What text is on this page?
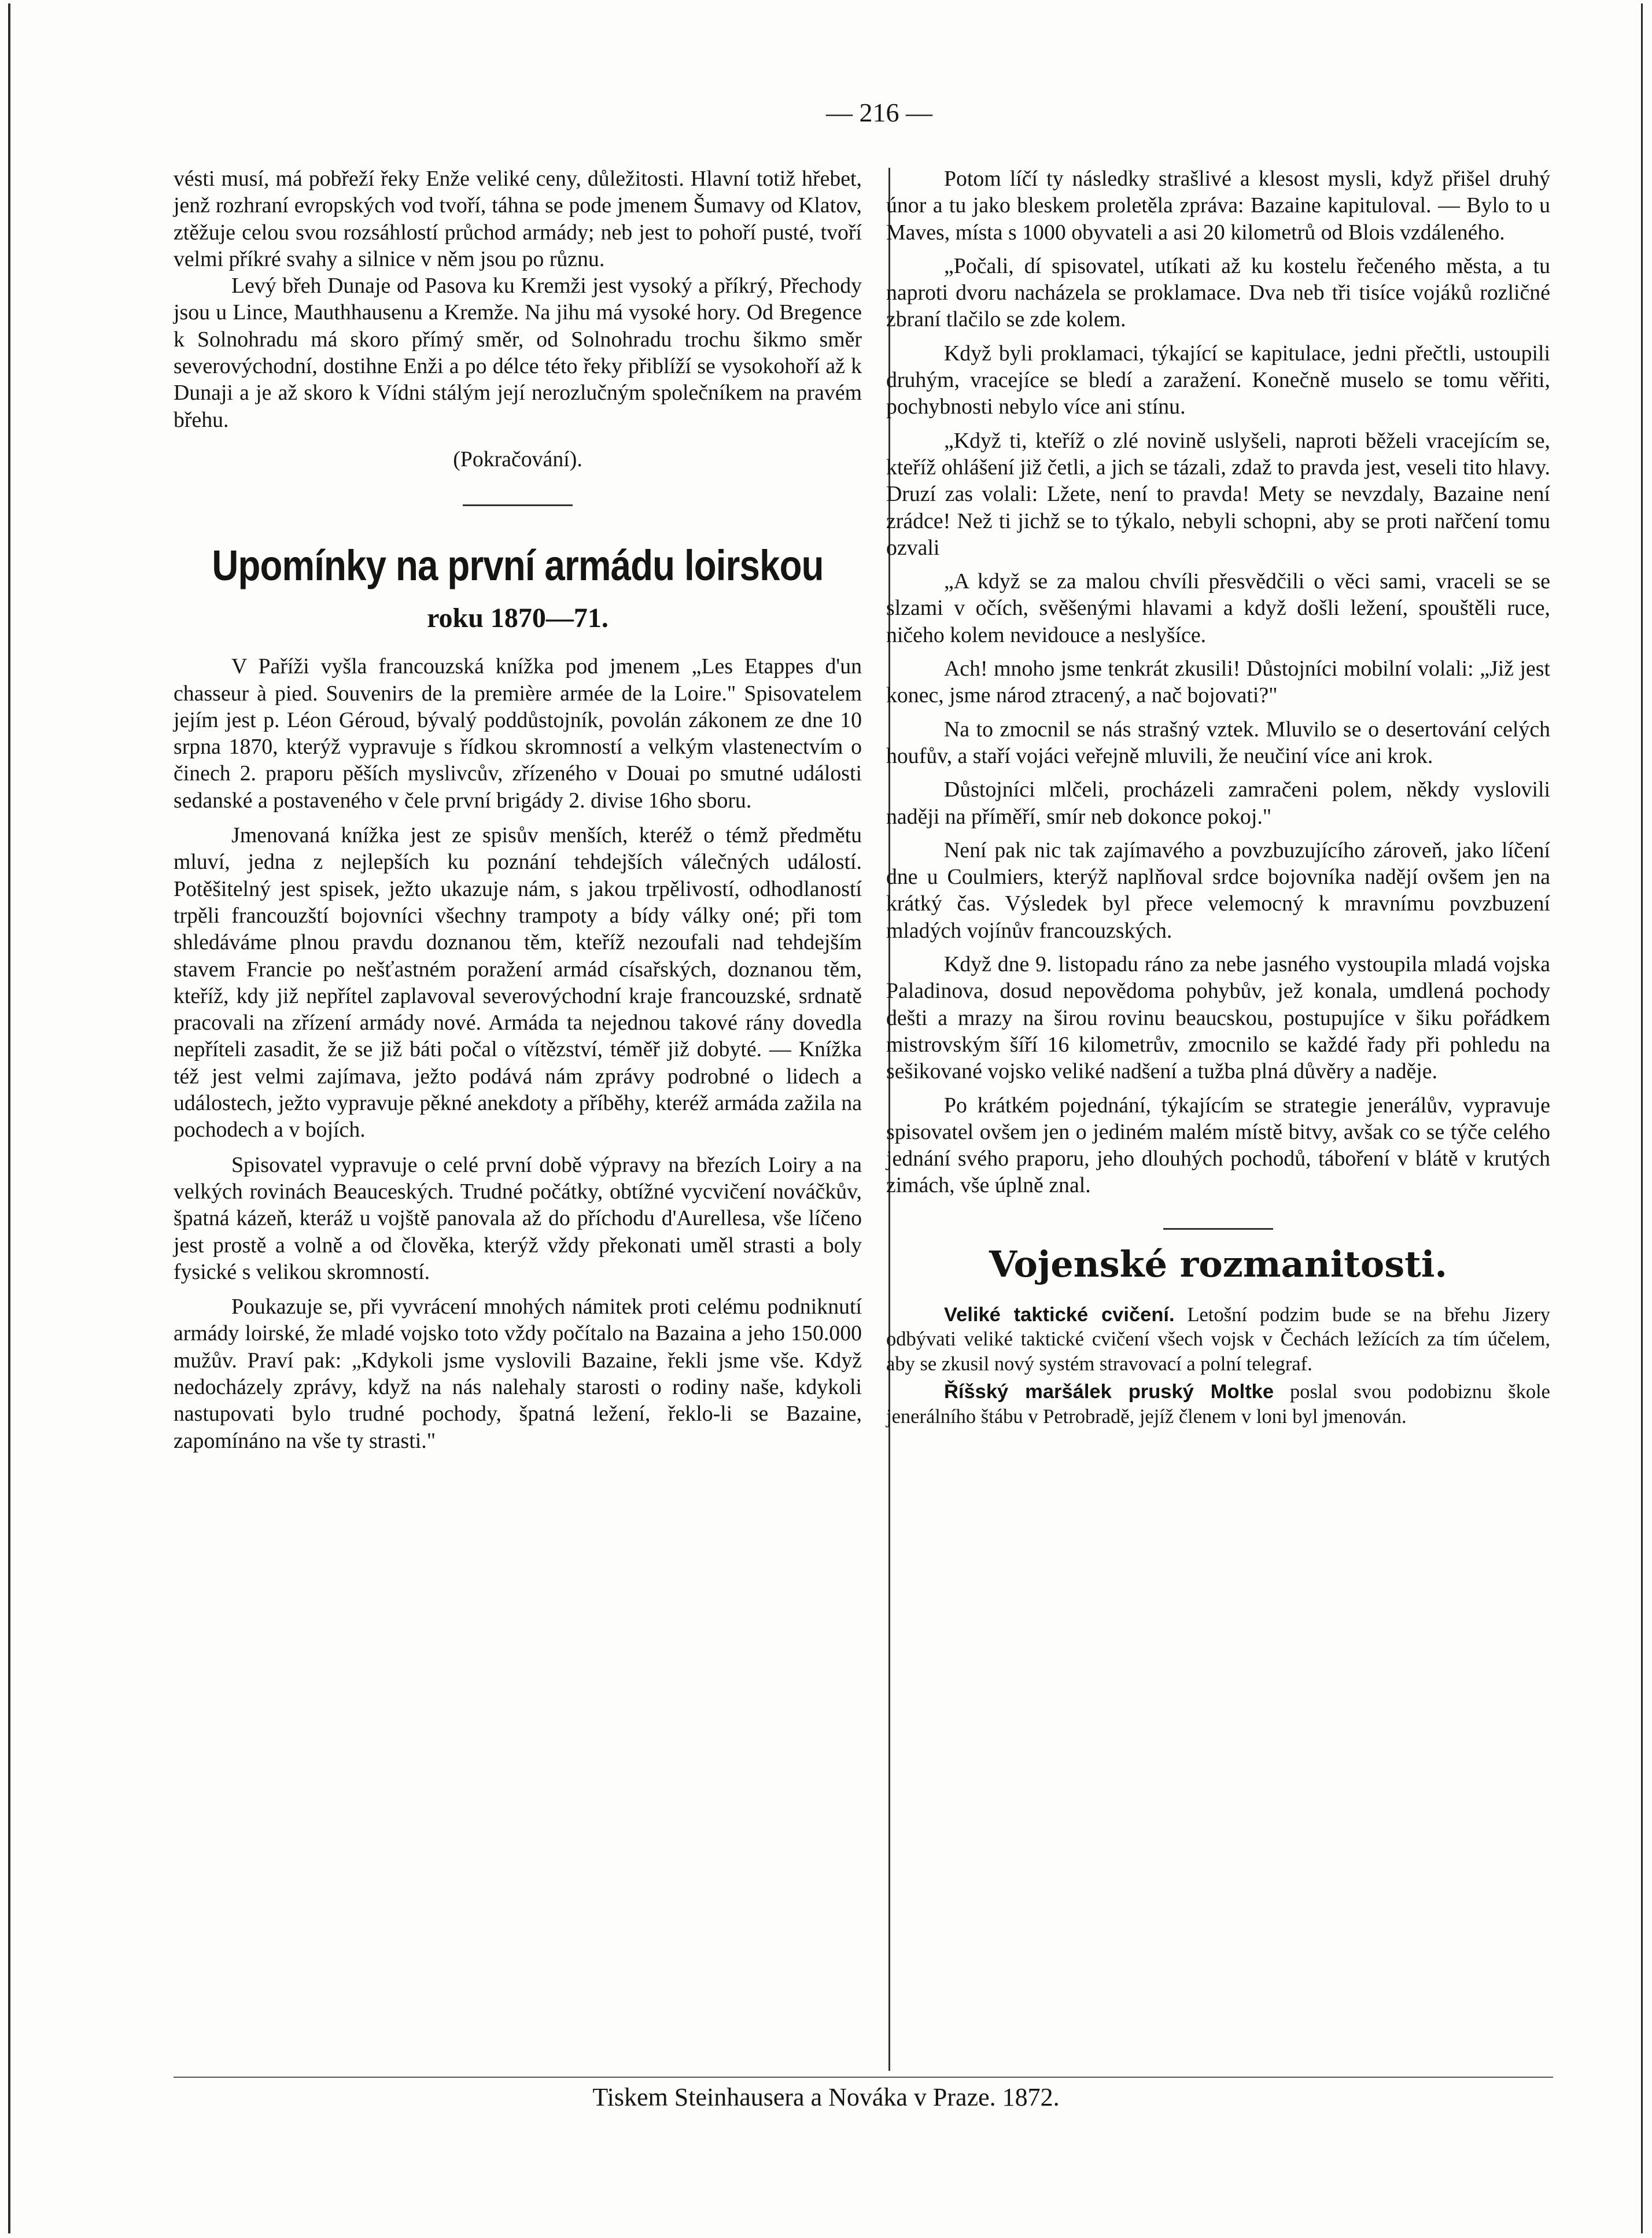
— 216 —

vésti musí, má pobřeží řeky Enže veliké ceny, důležitosti. Hlavní totiž hřebet, jenž rozhraní evropských vod tvoří, táhna se pode jmenem Šumavy od Klatov, ztěžuje celou svou rozsáhlostí průchod armády; neb jest to pohoří pusté, tvoří velmi příkré svahy a silnice v něm jsou po různu.

Levý břeh Dunaje od Pasova ku Kremži jest vysoký a příkrý, Přechody jsou u Lince, Mauthhausenu a Kremže. Na jihu má vysoké hory. Od Bregence k Solnohradu má skoro přímý směr, od Solnohradu trochu šikmo směr severovýchodní, dostihne Enži a po délce této řeky přiblíží se vysokohoří až k Dunaji a je až skoro k Vídni stálým její nerozlučným společníkem na pravém břehu.

(Pokračování).

Upomínky na první armádu loirskou
roku 1870—71.

V Paříži vyšla francouzská knížka pod jmenem „Les Etappes d'un chasseur à pied. Souvenirs de la première armée de la Loire." Spisovatelem jejím jest p. Léon Géroud, bývalý poddůstojník, povolán zákonem ze dne 10 srpna 1870, kterýž vypravuje s řídkou skromností a velkým vlastenectvím o činech 2. praporu pěších myslivcův, zřízeného v Douai po smutné události sedanské a postaveného v čele první brigády 2. divise 16ho sboru.

Jmenovaná knížka jest ze spisův menších, kteréž o témž předmětu mluví, jedna z nejlepších ku poznání tehdejších válečných událostí. Potěšitelný jest spisek, ježto ukazuje nám, s jakou trpělivostí, odhodlaností trpěli francouzští bojovníci všechny trampoty a bídy války oné; při tom shledáváme plnou pravdu doznanou těm, kteříž nezoufali nad tehdejším stavem Francie po nešťastném poražení armád císařských, doznanou těm, kteříž, kdy již nepřítel zaplavoval severovýchodní kraje francouzské, srdnatě pracovali na zřízení armády nové. Armáda ta nejednou takové rány dovedla nepříteli zasadit, že se již báti počal o vítězství, téměř již dobyté. — Knížka též jest velmi zajímava, ježto podává nám zprávy podrobné o lidech a událostech, ježto vypravuje pěkné anekdoty a příběhy, kteréž armáda zažila na pochodech a v bojích.

Spisovatel vypravuje o celé první době výpravy na březích Loiry a na velkých rovinách Beauceských. Trudné počátky, obtížné vycvičení nováčkův, špatná kázeň, kteráž u vojště panovala až do příchodu d'Aurellesa, vše líčeno jest prostě a volně a od člověka, kterýž vždy překonati uměl strasti a boly fysické s velikou skromností.

Poukazuje se, při vyvrácení mnohých námitek proti celému podniknutí armády loirské, že mladé vojsko toto vždy počítalo na Bazaina a jeho 150.000 mužův. Praví pak: „Kdykoli jsme vyslovili Bazaine, řekli jsme vše. Když nedocházely zprávy, když na nás nalehaly starosti o rodiny naše, kdykoli nastupovati bylo trudné pochody, špatná ležení, řeklo-li se Bazaine, zapomínáno na vše ty strasti."

Potom líčí ty následky strašlivé a klesost mysli, když přišel druhý únor a tu jako bleskem proletěla zpráva: Bazaine kapituloval. — Bylo to u Maves, místa s 1000 obyvateli a asi 20 kilometrů od Blois vzdáleného.

„Počali, dí spisovatel, utíkati až ku kostelu řečeného města, a tu naproti dvoru nacházela se proklamace. Dva neb tři tisíce vojáků rozličné zbraní tlačilo se zde kolem.

Když byli proklamaci, týkající se kapitulace, jedni přečtli, ustoupili druhým, vracejíce se bledí a zaražení. Konečně muselo se tomu věřiti, pochybnosti nebylo více ani stínu.

„Když ti, kteříž o zlé novině uslyšeli, naproti běželi vracejícím se, kteříž ohlášení již četli, a jich se tázali, zdaž to pravda jest, veseli tito hlavy. Druzí zas volali: Lžete, není to pravda! Mety se nevzdaly, Bazaine není zrádce! Než ti jichž se to týkalo, nebyli schopni, aby se proti nařčení tomu ozvali

„A když se za malou chvíli přesvědčili o věci sami, vraceli se se slzami v očích, svěšenými hlavami a když došli ležení, spouštěli ruce, ničeho kolem nevidouce a neslyšíce.

Ach! mnoho jsme tenkrát zkusili! Důstojníci mobilní volali: „Již jest konec, jsme národ ztracený, a nač bojovati?"

Na to zmocnil se nás strašný vztek. Mluvilo se o desertování celých houfův, a staří vojáci veřejně mluvili, že neučiní více ani krok.

Důstojníci mlčeli, procházeli zamračeni polem, někdy vyslovili naději na příměří, smír neb dokonce pokoj."

Není pak nic tak zajímavého a povzbuzujícího zároveň, jako líčení dne u Coulmiers, kterýž naplňoval srdce bojovníka nadějí ovšem jen na krátký čas. Výsledek byl přece velemocný k mravnímu povzbuzení mladých vojínův francouzských.

Když dne 9. listopadu ráno za nebe jasného vystoupila mladá vojska Paladinova, dosud nepovědoma pohybův, jež konala, umdlená pochody dešti a mrazy na širou rovinu beaucskou, postupujíce v šiku pořádkem mistrovským šíří 16 kilometrův, zmocnilo se každé řady při pohledu na sešikované vojsko veliké nadšení a tužba plná důvěry a naděje.

Po krátkém pojednání, týkajícím se strategie jenerálův, vypravuje spisovatel ovšem jen o jediném malém místě bitvy, avšak co se týče celého jednání svého praporu, jeho dlouhých pochodů, táboření v blátě v krutých zimách, vše úplně znal.

Vojenské rozmanitosti.

Veliké taktické cvičení. Letošní podzim bude se na břehu Jizery odbývati veliké taktické cvičení všech vojsk v Čechách ležících za tím účelem, aby se zkusil nový systém stravovací a polní telegraf.

Říšský maršálek pruský Moltke poslal svou podobiznu škole jenerálního štábu v Petrobradě, jejíž členem v loni byl jmenován.

Tiskem Steinhausera a Nováka v Praze. 1872.
